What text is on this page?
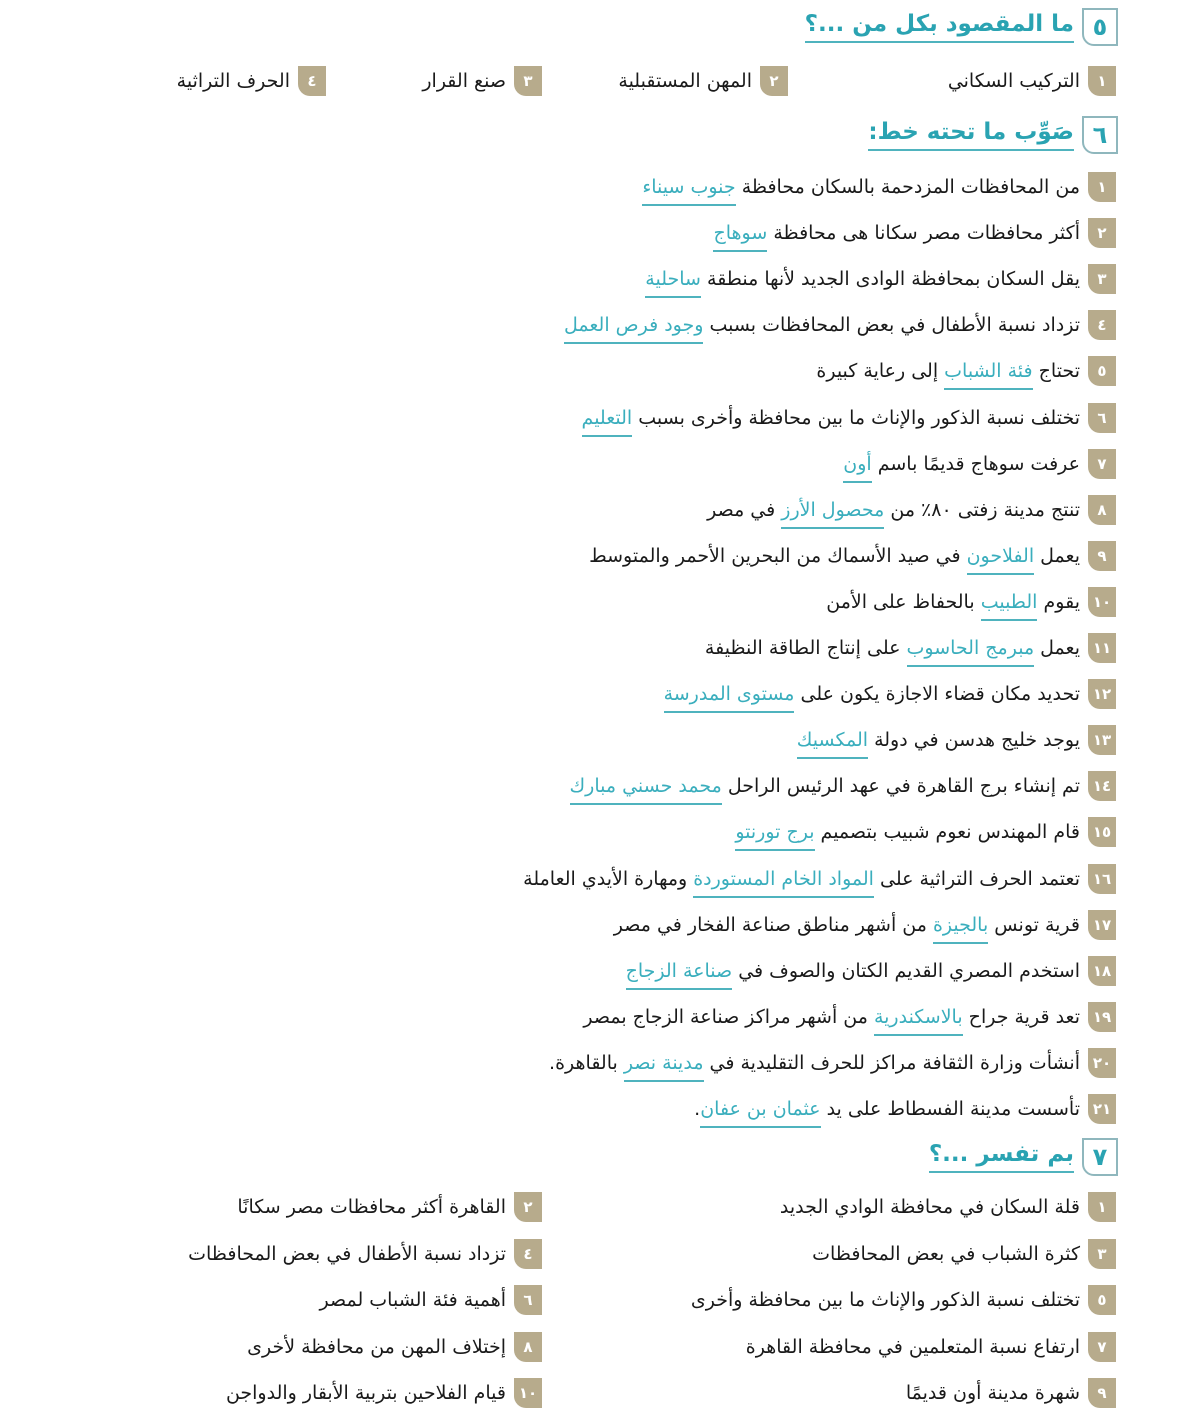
٥
ما المقصود بكل من ...؟
١
التركيب السكاني
٢
المهن المستقبلية
٣
صنع القرار
٤
الحرف التراثية
٦
صَوِّب ما تحته خط:
١
من المحافظات المزدحمة بالسكان محافظة جنوب سيناء
٢
أكثر محافظات مصر سكانا هى محافظة سوهاج
٣
يقل السكان بمحافظة الوادى الجديد لأنها منطقة ساحلية
٤
تزداد نسبة الأطفال في بعض المحافظات بسبب وجود فرص العمل
٥
تحتاج فئة الشباب إلى رعاية كبيرة
٦
تختلف نسبة الذكور والإناث ما بين محافظة وأخرى بسبب التعليم
٧
عرفت سوهاج قديمًا باسم أون
٨
تنتج مدينة زفتى ٨٠٪ من محصول الأرز في مصر
٩
يعمل الفلاحون في صيد الأسماك من البحرين الأحمر والمتوسط
١٠
يقوم الطبيب بالحفاظ على الأمن
١١
يعمل مبرمج الحاسوب على إنتاج الطاقة النظيفة
١٢
تحديد مكان قضاء الاجازة يكون على مستوى المدرسة
١٣
يوجد خليج هدسن في دولة المكسيك
١٤
تم إنشاء برج القاهرة في عهد الرئيس الراحل محمد حسني مبارك
١٥
قام المهندس نعوم شبيب بتصميم برج تورنتو
١٦
تعتمد الحرف التراثية على المواد الخام المستوردة ومهارة الأيدي العاملة
١٧
قرية تونس بالجيزة من أشهر مناطق صناعة الفخار في مصر
١٨
استخدم المصري القديم الكتان والصوف في صناعة الزجاج
١٩
تعد قرية جراح بالاسكندرية من أشهر مراكز صناعة الزجاج بمصر
٢٠
أنشأت وزارة الثقافة مراكز للحرف التقليدية في مدينة نصر بالقاهرة.
٢١
تأسست مدينة الفسطاط على يد عثمان بن عفان.
٧
بم تفسر ...؟
١
قلة السكان في محافظة الوادي الجديد
٢
القاهرة أكثر محافظات مصر سكانًا
٣
كثرة الشباب في بعض المحافظات
٤
تزداد نسبة الأطفال في بعض المحافظات
٥
تختلف نسبة الذكور والإناث ما بين محافظة وأخرى
٦
أهمية فئة الشباب لمصر
٧
ارتفاع نسبة المتعلمين في محافظة القاهرة
٨
إختلاف المهن من محافظة لأخرى
٩
شهرة مدينة أون قديمًا
١٠
قيام الفلاحين بتربية الأبقار والدواجن
